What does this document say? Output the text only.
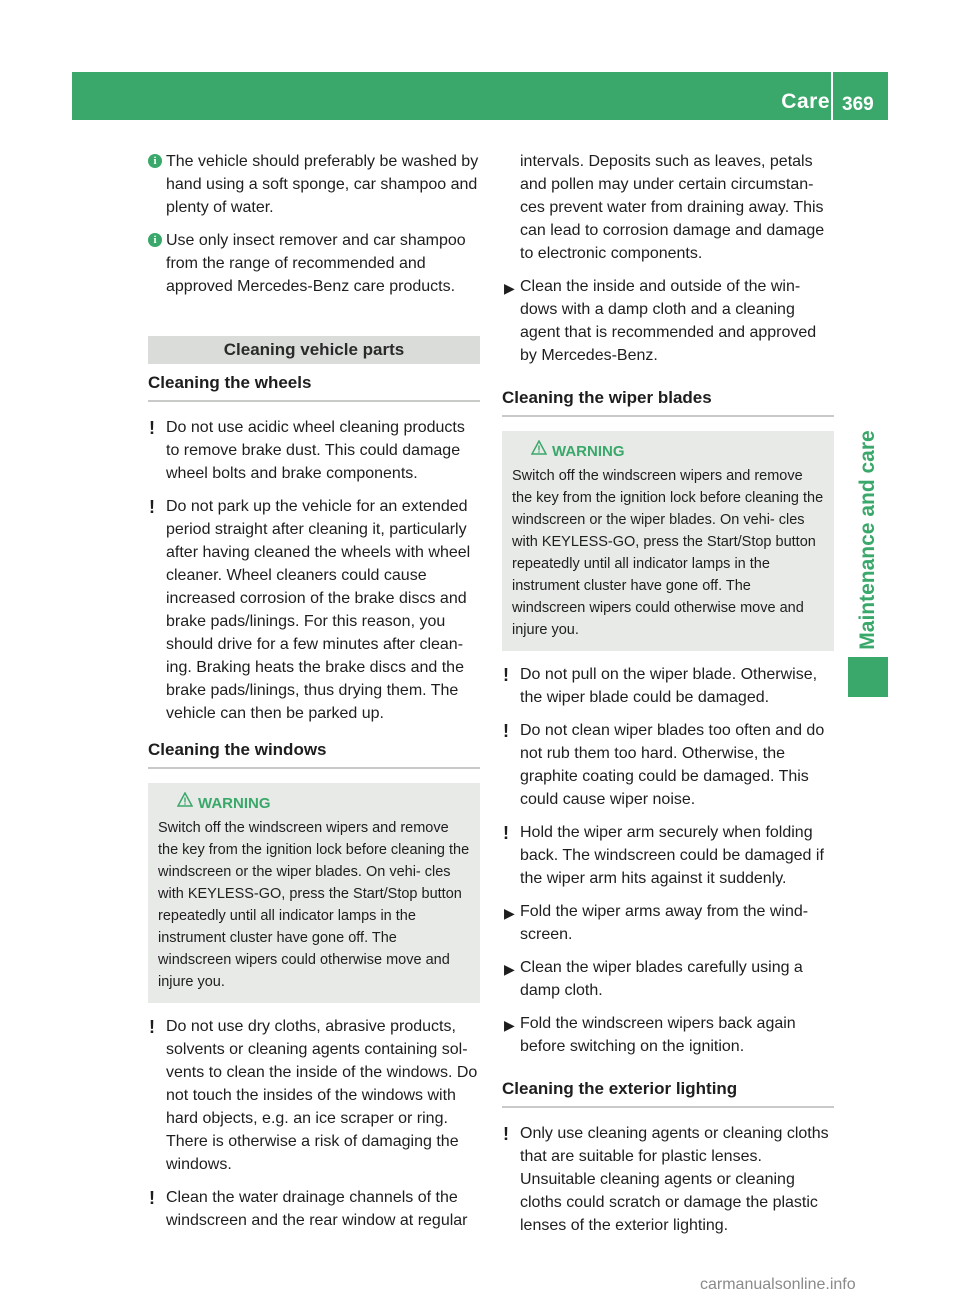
Care 369
Maintenance and care

i The vehicle should preferably be washed by hand using a soft sponge, car shampoo and plenty of water.

i Use only insect remover and car shampoo from the range of recommended and approved Mercedes-Benz care products.

Cleaning vehicle parts
Cleaning the wheels

! Do not use acidic wheel cleaning products to remove brake dust. This could damage wheel bolts and brake components.

! Do not park up the vehicle for an extended period straight after cleaning it, particularly after having cleaned the wheels with wheel cleaner. Wheel cleaners could cause increased corrosion of the brake discs and brake pads/linings. For this reason, you should drive for a few minutes after clean- ing. Braking heats the brake discs and the brake pads/linings, thus drying them. The vehicle can then be parked up.

Cleaning the windows
WARNING

Switch off the windscreen wipers and remove the key from the ignition lock before cleaning the windscreen or the wiper blades. On vehi- cles with KEYLESS-GO, press the Start/Stop button repeatedly until all indicator lamps in the instrument cluster have gone off. The windscreen wipers could otherwise move and injure you.

! Do not use dry cloths, abrasive products, solvents or cleaning agents containing sol- vents to clean the inside of the windows. Do not touch the insides of the windows with hard objects, e.g. an ice scraper or ring. There is otherwise a risk of damaging the windows.

! Clean the water drainage channels of the windscreen and the rear window at regular

intervals. Deposits such as leaves, petals and pollen may under certain circumstan- ces prevent water from draining away. This can lead to corrosion damage and damage to electronic components.

▶ Clean the inside and outside of the win- dows with a damp cloth and a cleaning agent that is recommended and approved by Mercedes-Benz.

Cleaning the wiper blades
WARNING

Switch off the windscreen wipers and remove the key from the ignition lock before cleaning the windscreen or the wiper blades. On vehi- cles with KEYLESS-GO, press the Start/Stop button repeatedly until all indicator lamps in the instrument cluster have gone off. The windscreen wipers could otherwise move and injure you.

! Do not pull on the wiper blade. Otherwise, the wiper blade could be damaged.

! Do not clean wiper blades too often and do not rub them too hard. Otherwise, the graphite coating could be damaged. This could cause wiper noise.

! Hold the wiper arm securely when folding back. The windscreen could be damaged if the wiper arm hits against it suddenly.

▶ Fold the wiper arms away from the wind- screen.

▶ Clean the wiper blades carefully using a damp cloth.

▶ Fold the windscreen wipers back again before switching on the ignition.

Cleaning the exterior lighting

! Only use cleaning agents or cleaning cloths that are suitable for plastic lenses. Unsuitable cleaning agents or cleaning cloths could scratch or damage the plastic lenses of the exterior lighting.

carmanualsonline.info
